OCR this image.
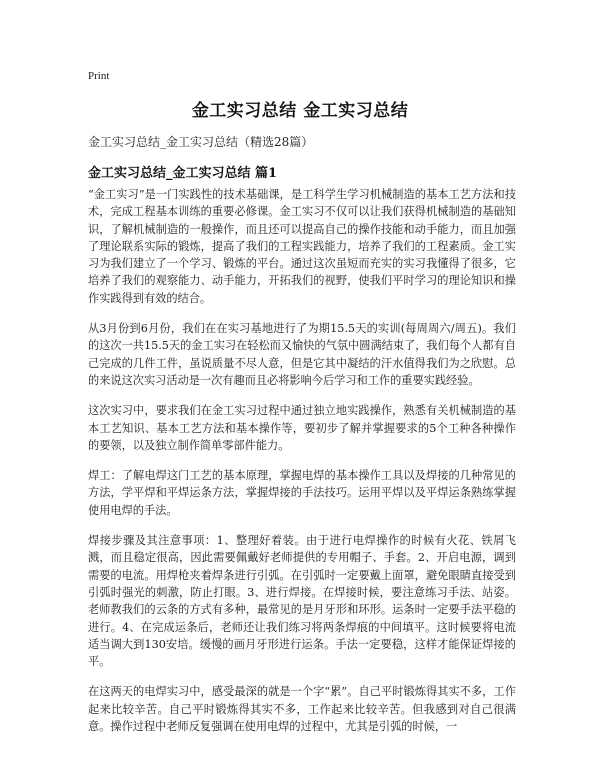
Print
金工实习总结 金工实习总结
金工实习总结_金工实习总结（精选28篇）
金工实习总结_金工实习总结 篇1

“金工实习”是一门实践性的技术基础课，是工科学生学习机械制造的基本工艺方法和技术，完成工程基本训练的重要必修课。金工实习不仅可以让我们获得机械制造的基础知识，了解机械制造的一般操作，而且还可以提高自己的操作技能和动手能力，而且加强了理论联系实际的锻炼，提高了我们的工程实践能力，培养了我们的工程素质。金工实习为我们建立了一个学习、锻炼的平台。通过这次虽短而充实的实习我懂得了很多，它培养了我们的观察能力、动手能力，开拓我们的视野，使我们平时学习的理论知识和操作实践得到有效的结合。

从3月份到6月份，我们在在实习基地进行了为期15.5天的实训(每周周六/周五)。我们的这次一共15.5天的金工实习在轻松而又愉快的气氛中圆满结束了，我们每个人都有自己完成的几件工件，虽说质量不尽人意，但是它其中凝结的汗水值得我们为之欣慰。总的来说这次实习活动是一次有趣而且必将影响今后学习和工作的重要实践经验。

这次实习中，要求我们在金工实习过程中通过独立地实践操作，熟悉有关机械制造的基本工艺知识、基本工艺方法和基本操作等，要初步了解并掌握要求的5个工种各种操作的要领，以及独立制作简单零部件能力。

焊工：了解电焊这门工艺的基本原理，掌握电焊的基本操作工具以及焊接的几种常见的方法，学平焊和平焊运条方法，掌握焊接的手法技巧。运用平焊以及平焊运条熟练掌握使用电焊的手法。

焊接步骤及其注意事项：1、整理好着装。由于进行电焊操作的时候有火花、铁屑飞溅，而且稳定很高，因此需要佩戴好老师提供的专用帽子、手套。2、开启电源，调到需要的电流。用焊枪夹着焊条进行引弧。在引弧时一定要戴上面罩，避免眼睛直接受到引弧时强光的刺激，防止打眼。3、进行焊接。在焊接时候，要注意练习手法、站姿。老师教我们的云条的方式有多种，最常见的是月牙形和环形。运条时一定要手法平稳的进行。4、在完成运条后，老师还让我们练习将两条焊痕的中间填平。这时候要将电流适当调大到130安培。缓慢的画月牙形进行运条。手法一定要稳，这样才能保证焊接的平。

在这两天的电焊实习中，感受最深的就是一个字“累”。自己平时锻炼得其实不多，工作起来比较辛苦。自己平时锻炼得其实不多，工作起来比较辛苦。但我感到对自己很满意。操作过程中老师反复强调在使用电焊的过程中，尤其是引弧的时候，一
